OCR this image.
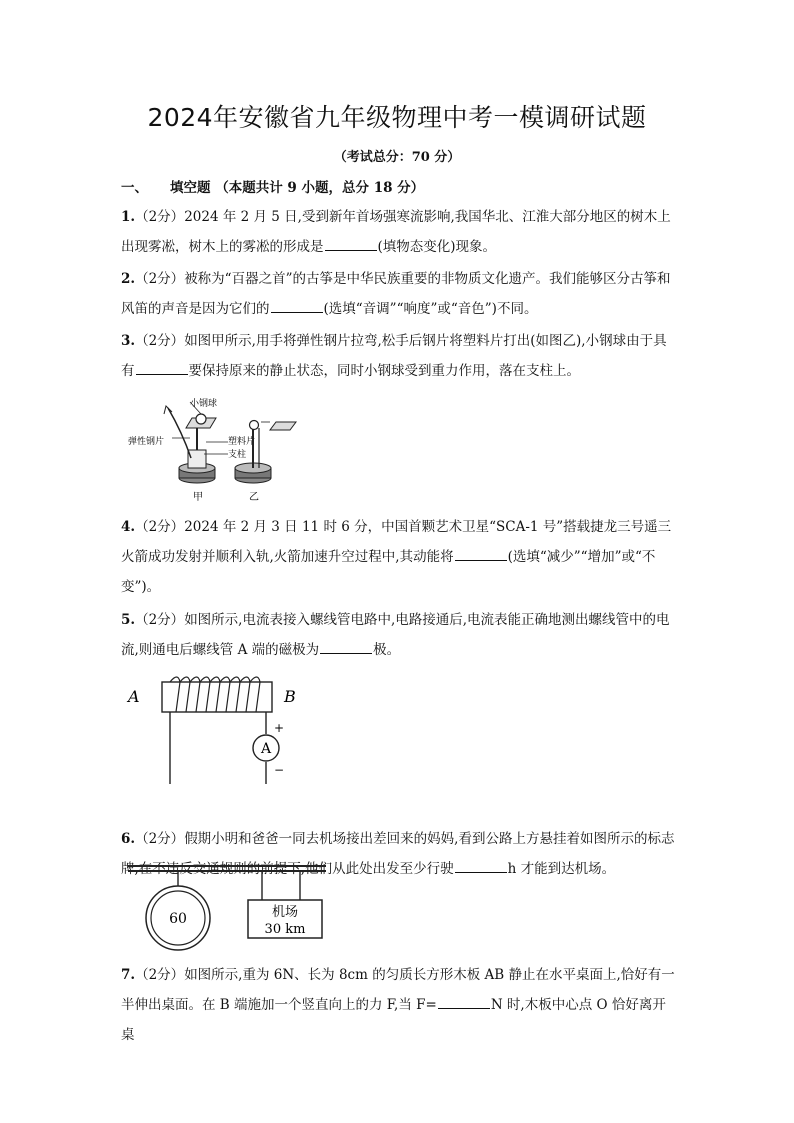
2024年安徽省九年级物理中考一模调研试题
（考试总分：70 分）
一、 填空题 （本题共计 9 小题，总分 18 分）
1.（2分）2024 年 2 月 5 日,受到新年首场强寒流影响,我国华北、江淮大部分地区的树木上出现雾凇，树木上的雾凇的形成是	(填物态变化)现象。
2.（2分）被称为“百器之首”的古筝是中华民族重要的非物质文化遗产。我们能够区分古筝和风笛的声音是因为它们的	(选填“音调”“响度”或“音色”)不同。
3.（2分）如图甲所示,用手将弹性钢片拉弯,松手后钢片将塑料片打出(如图乙),小钢球由于具有	要保持原来的静止状态，同时小钢球受到重力作用，落在支柱上。
小钢球
弹性钢片	塑料片
支柱
甲	乙
4.（2分）2024 年 2 月 3 日 11 时 6 分，中国首颗艺术卫星“SCA-1 号”搭载捷龙三号遥三火箭成功发射并顺利入轨,火箭加速升空过程中,其动能将	(选填“减少”“增加”或“不变”)。
5.（2分）如图所示,电流表接入螺线管电路中,电路接通后,电流表能正确地测出螺线管中的电流,则通电后螺线管 A 端的磁极为	极。
A
+
−
A	B
6.（2分）假期小明和爸爸一同去机场接出差回来的妈妈,看到公路上方悬挂着如图所示的标志牌,在不违反交通规则的前提下,他们从此处出发至少行驶	h 才能到达机场。
60	机场
30 km
7.（2分）如图所示,重为 6N、长为 8cm 的匀质长方形木板 AB 静止在水平桌面上,恰好有一半伸出桌面。在 B 端施加一个竖直向上的力 F,当 F=	N 时,木板中心点 O 恰好离开桌
